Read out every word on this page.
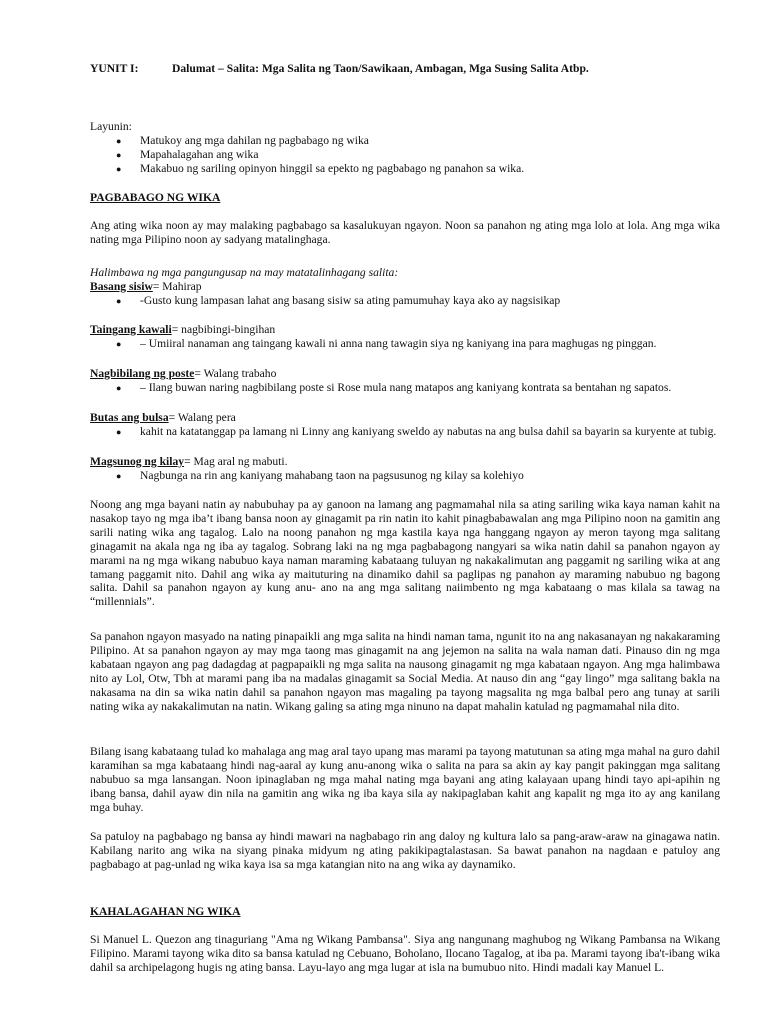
YUNIT I:	Dalumat – Salita: Mga Salita ng Taon/Sawikaan, Ambagan, Mga Susing Salita Atbp.

Layunin:

● Matukoy ang mga dahilan ng pagbabago ng wika
● Mapahalagahan ang wika
● Makabuo ng sariling opinyon hinggil sa epekto ng pagbabago ng panahon sa wika.
PAGBABAGO NG WIKA

Ang ating wika noon ay may malaking pagbabago sa kasalukuyan ngayon. Noon sa panahon ng ating mga lolo at lola. Ang mga wika nating mga Pilipino noon ay sadyang matalinghaga.

Halimbawa ng mga pangungusap na may matatalinhagang salita:

Basang sisiw= Mahirap

● -Gusto kung lampasan lahat ang basang sisiw sa ating pamumuhay kaya ako ay nagsisikap

Taingang kawali= nagbibingi-bingihan

● – Umiiral nanaman ang taingang kawali ni anna nang tawagin siya ng kaniyang ina para maghugas ng pinggan.

Nagbibilang ng poste= Walang trabaho

● – Ilang buwan naring nagbibilang poste si Rose mula nang matapos ang kaniyang kontrata sa bentahan ng sapatos.

Butas ang bulsa= Walang pera

● kahit na katatanggap pa lamang ni Linny ang kaniyang sweldo ay nabutas na ang bulsa dahil sa bayarin sa kuryente at tubig.

Magsunog ng kilay= Mag aral ng mabuti.

● Nagbunga na rin ang kaniyang mahabang taon na pagsusunog ng kilay sa kolehiyo

Noong ang mga bayani natin ay nabubuhay pa ay ganoon na lamang ang pagmamahal nila sa ating sariling wika kaya naman kahit na nasakop tayo ng mga iba’t ibang bansa noon ay ginagamit pa rin natin ito kahit pinagbabawalan ang mga Pilipino noon na gamitin ang sarili nating wika ang tagalog. Lalo na noong panahon ng mga kastila kaya nga hanggang ngayon ay meron tayong mga salitang ginagamit na akala nga ng iba ay tagalog. Sobrang laki na ng mga pagbabagong nangyari sa wika natin dahil sa panahon ngayon ay marami na ng mga wikang nabubuo kaya naman maraming kabataang tuluyan ng nakakalimutan ang paggamit ng sariling wika at ang tamang paggamit nito. Dahil ang wika ay maituturing na dinamiko dahil sa paglipas ng panahon ay maraming nabubuo ng bagong salita. Dahil sa panahon ngayon ay kung anu- ano na ang mga salitang naiimbento ng mga kabataang o mas kilala sa tawag na “millennials”.

Sa panahon ngayon masyado na nating pinapaikli ang mga salita na hindi naman tama, ngunit ito na ang nakasanayan ng nakakaraming Pilipino. At sa panahon ngayon ay may mga taong mas ginagamit na ang jejemon na salita na wala naman dati. Pinauso din ng mga kabataan ngayon ang pag dadagdag at pagpapaikli ng mga salita na nausong ginagamit ng mga kabataan ngayon. Ang mga halimbawa nito ay Lol, Otw, Tbh at marami pang iba na madalas ginagamit sa Social Media. At nauso din ang “gay lingo” mga salitang bakla na nakasama na din sa wika natin dahil sa panahon ngayon mas magaling pa tayong magsalita ng mga balbal pero ang tunay at sarili nating wika ay nakakalimutan na natin. Wikang galing sa ating mga ninuno na dapat mahalin katulad ng pagmamahal nila dito.

Bilang isang kabataang tulad ko mahalaga ang mag aral tayo upang mas marami pa tayong matutunan sa ating mga mahal na guro dahil karamihan sa mga kabataang hindi nag-aaral ay kung anu-anong wika o salita na para sa akin ay kay pangit pakinggan mga salitang nabubuo sa mga lansangan. Noon ipinaglaban ng mga mahal nating mga bayani ang ating kalayaan upang hindi tayo api-apihin ng ibang bansa, dahil ayaw din nila na gamitin ang wika ng iba kaya sila ay nakipaglaban kahit ang kapalit ng mga ito ay ang kanilang mga buhay.

Sa patuloy na pagbabago ng bansa ay hindi mawari na nagbabago rin ang daloy ng kultura lalo sa pang-araw-araw na ginagawa natin. Kabilang narito ang wika na siyang pinaka midyum ng ating pakikipagtalastasan. Sa bawat panahon na nagdaan e patuloy ang pagbabago at pag-unlad ng wika kaya isa sa mga katangian nito na ang wika ay daynamiko.

KAHALAGAHAN NG WIKA

Si Manuel L. Quezon ang tinaguriang "Ama ng Wikang Pambansa". Siya ang nangunang maghubog ng Wikang Pambansa na Wikang Filipino. Marami tayong wika dito sa bansa katulad ng Cebuano, Boholano, Ilocano Tagalog, at iba pa. Marami tayong iba't-ibang wika dahil sa archipelagong hugis ng ating bansa. Layu-layo ang mga lugar at isla na bumubuo nito. Hindi madali kay Manuel L.
